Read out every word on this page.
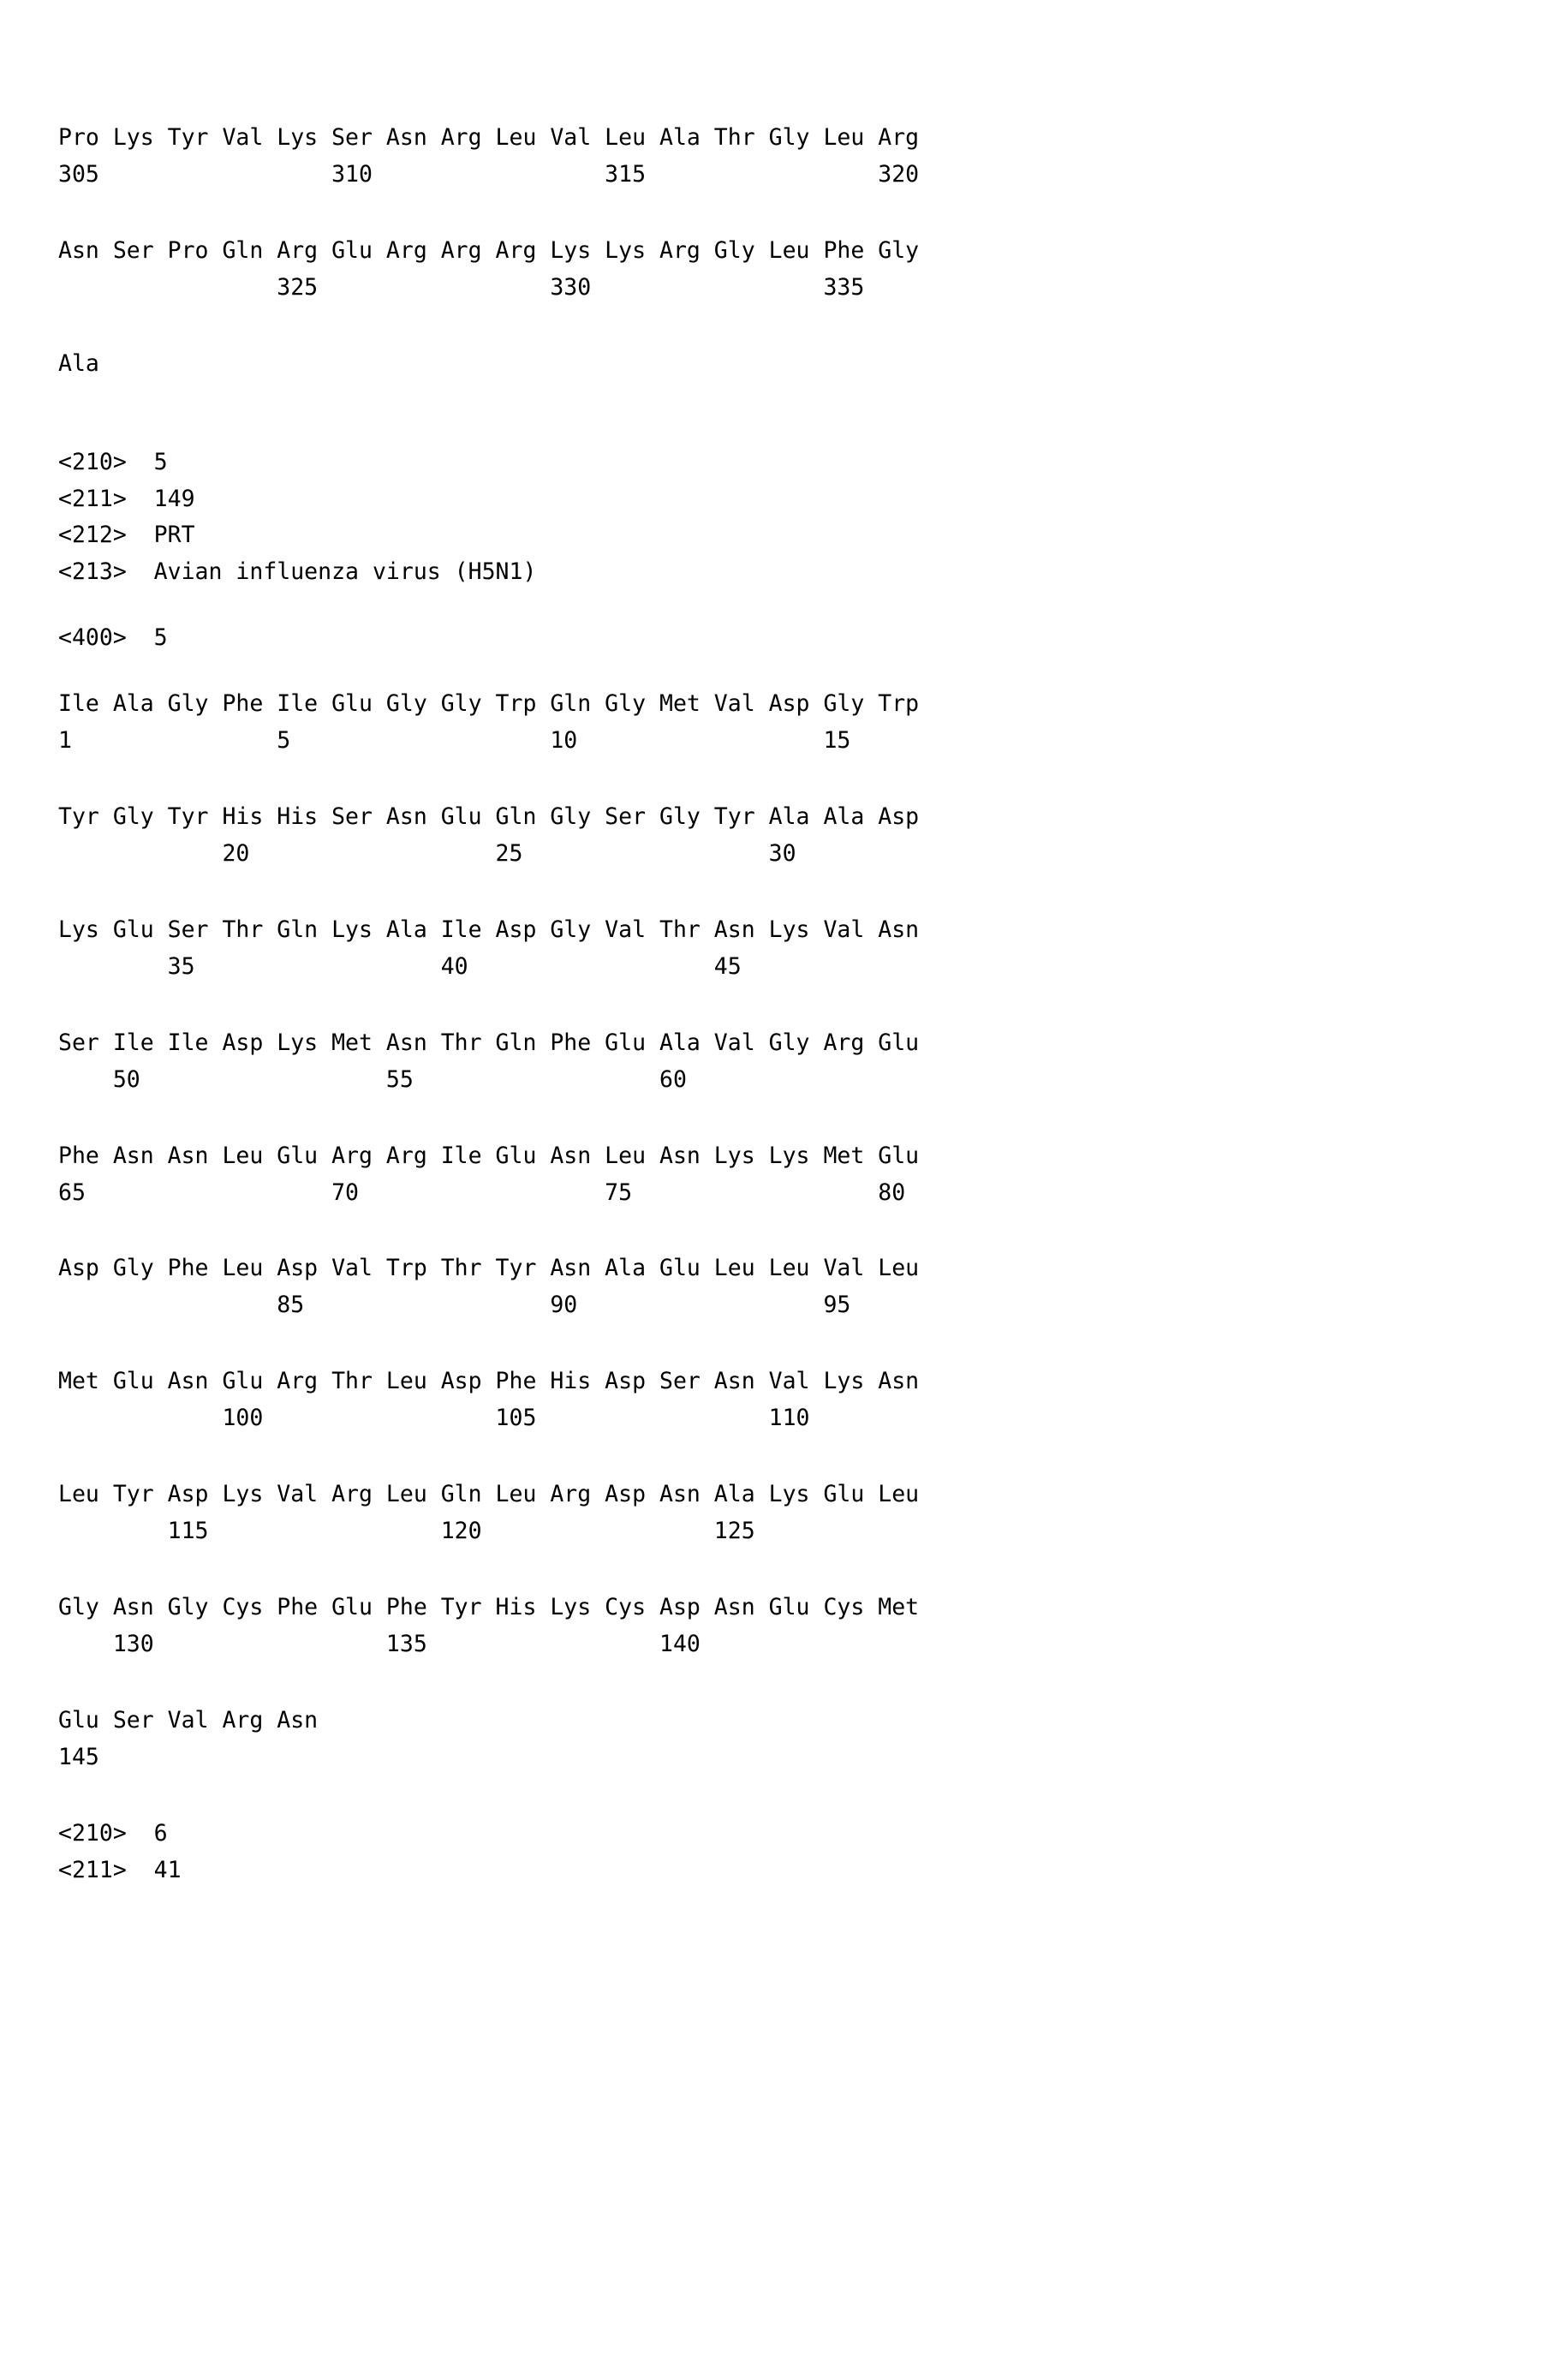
Pro Lys Tyr Val Lys Ser Asn Arg Leu Val Leu Ala Thr Gly Leu Arg
305                 310                 315                 320
Asn Ser Pro Gln Arg Glu Arg Arg Arg Lys Lys Arg Gly Leu Phe Gly
325                 330                 335
Ala
<210>  5
<211>  149
<212>  PRT
<213>  Avian influenza virus (H5N1)
<400>  5
Ile Ala Gly Phe Ile Glu Gly Gly Trp Gln Gly Met Val Asp Gly Trp
1               5                   10                  15
Tyr Gly Tyr His His Ser Asn Glu Gln Gly Ser Gly Tyr Ala Ala Asp
20                  25                  30
Lys Glu Ser Thr Gln Lys Ala Ile Asp Gly Val Thr Asn Lys Val Asn
35                  40                  45
Ser Ile Ile Asp Lys Met Asn Thr Gln Phe Glu Ala Val Gly Arg Glu
50                  55                  60
Phe Asn Asn Leu Glu Arg Arg Ile Glu Asn Leu Asn Lys Lys Met Glu
65                  70                  75                  80
Asp Gly Phe Leu Asp Val Trp Thr Tyr Asn Ala Glu Leu Leu Val Leu
85                  90                  95
Met Glu Asn Glu Arg Thr Leu Asp Phe His Asp Ser Asn Val Lys Asn
100                 105                 110
Leu Tyr Asp Lys Val Arg Leu Gln Leu Arg Asp Asn Ala Lys Glu Leu
115                 120                 125
Gly Asn Gly Cys Phe Glu Phe Tyr His Lys Cys Asp Asn Glu Cys Met
130                 135                 140
Glu Ser Val Arg Asn
145
<210>  6
<211>  41
